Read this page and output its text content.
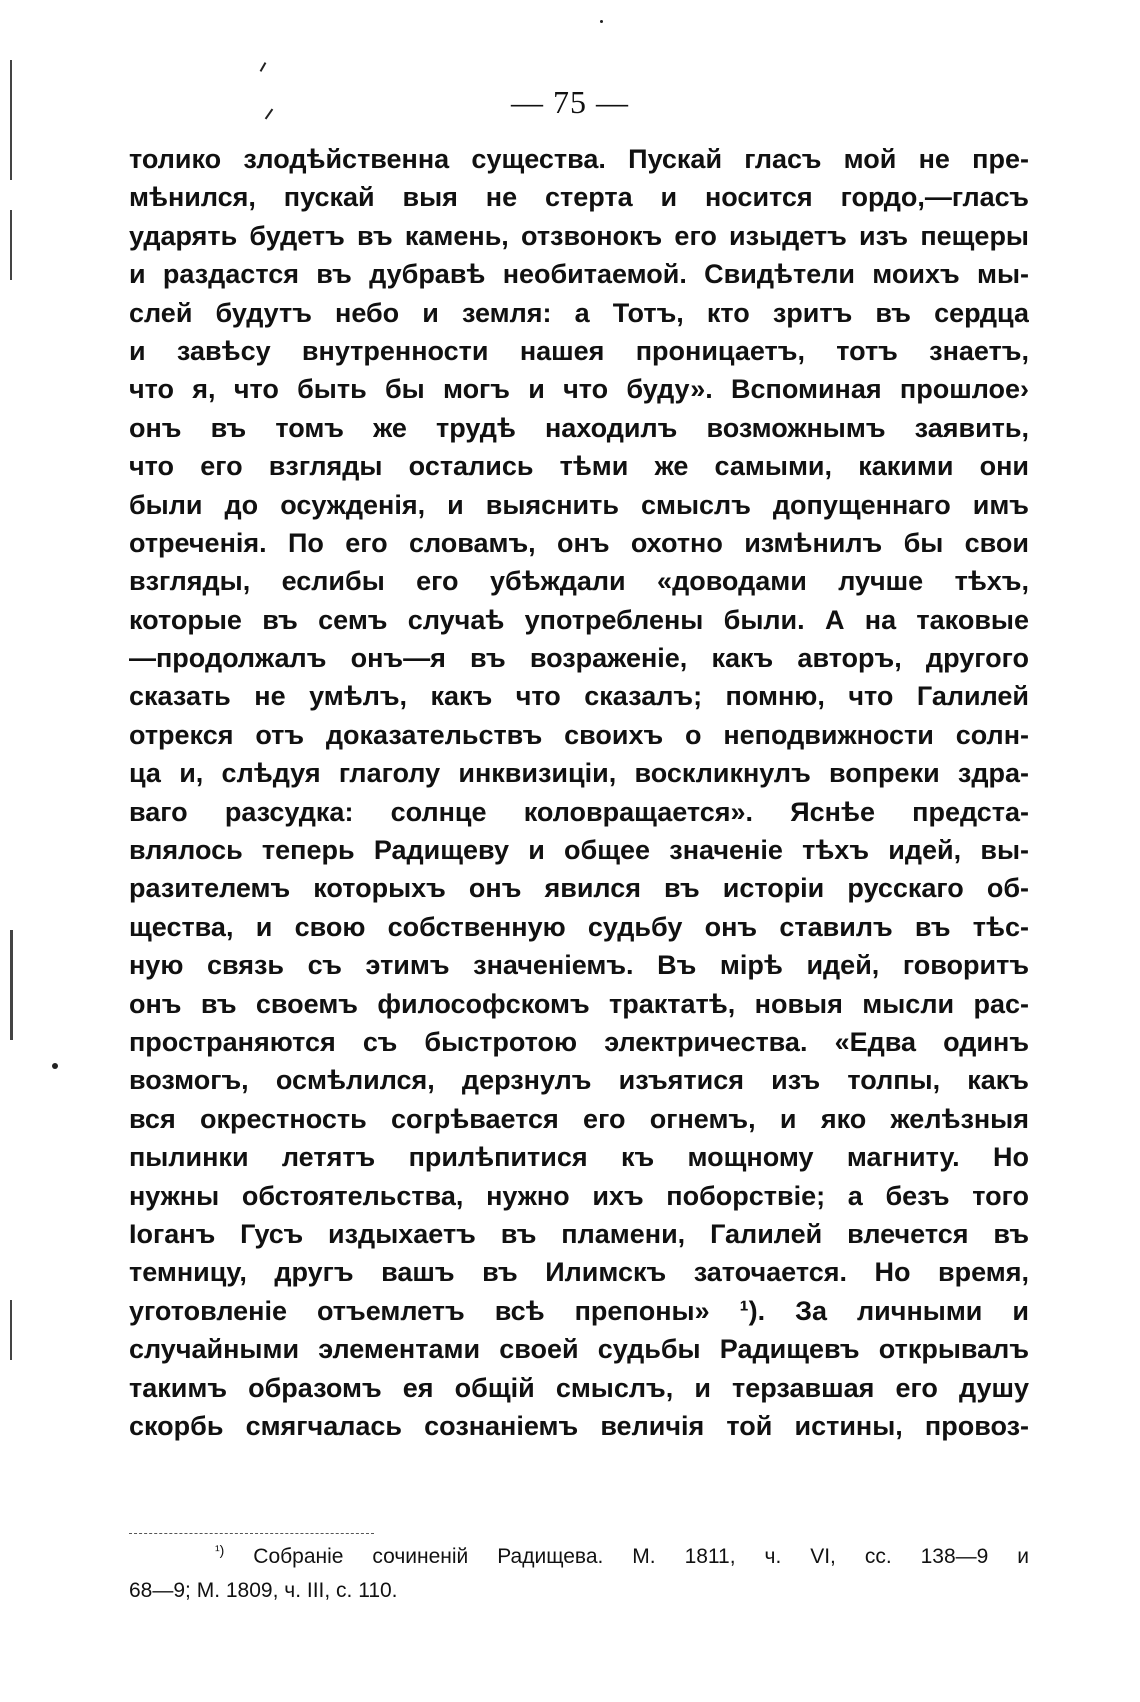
— 75 —
толико злодѣйственна существа. Пускай гласъ мой не пре-
мѣнился, пускай выя не стерта и носится гордо,—гласъ
ударять будетъ въ камень, отзвонокъ его изыдетъ изъ пещеры
и раздастся въ дубравѣ необитаемой. Свидѣтели моихъ мы-
слей будутъ небо и земля: а Тотъ, кто зритъ въ сердца
и завѣсу внутренности нашея проницаетъ, тотъ знаетъ,
что я, что быть бы могъ и что буду». Вспоминая прошлое›
онъ въ томъ же трудѣ находилъ возможнымъ заявить,
что его взгляды остались тѣми же самыми, какими они
были до осужденія, и выяснить смыслъ допущеннаго имъ
отреченія. По его словамъ, онъ охотно измѣнилъ бы свои
взгляды, еслибы его убѣждали «доводами лучше тѣхъ,
которые въ семъ случаѣ употреблены были. А на таковые
—продолжалъ онъ—я въ возраженіе, какъ авторъ, другого
сказать не умѣлъ, какъ что сказалъ; помню, что Галилей
отрекся отъ доказательствъ своихъ о неподвижности солн-
ца и, слѣдуя глаголу инквизиціи, воскликнулъ вопреки здра-
ваго разсудка: солнце коловращается». Яснѣе предста-
влялось теперь Радищеву и общее значеніе тѣхъ идей, вы-
разителемъ которыхъ онъ явился въ исторіи русскаго об-
щества, и свою собственную судьбу онъ ставилъ въ тѣс-
ную связь съ этимъ значеніемъ. Въ мірѣ идей, говоритъ
онъ въ своемъ философскомъ трактатѣ, новыя мысли рас-
пространяются съ быстротою электричества. «Едва одинъ
возмогъ, осмѣлился, дерзнулъ изъятися изъ толпы, какъ
вся окрестность согрѣвается его огнемъ, и яко желѣзныя
пылинки летятъ прилѣпитися къ мощному магниту. Но
нужны обстоятельства, нужно ихъ поборствіе; а безъ того
Іоганъ Гусъ издыхаетъ въ пламени, Галилей влечется въ
темницу, другъ вашъ въ Илимскъ заточается. Но время,
уготовленіе отъемлетъ всѣ препоны» ¹). За личными и
случайными элементами своей судьбы Радищевъ открывалъ
такимъ образомъ ея общій смыслъ, и терзавшая его душу
скорбь смягчалась сознаніемъ величія той истины, провоз-
$^{^1)}$ Собраніе сочиненій Радищева. М. 1811, ч. VI, сс. 138—9 и
68—9; М. 1809, ч. III, с. 110.
